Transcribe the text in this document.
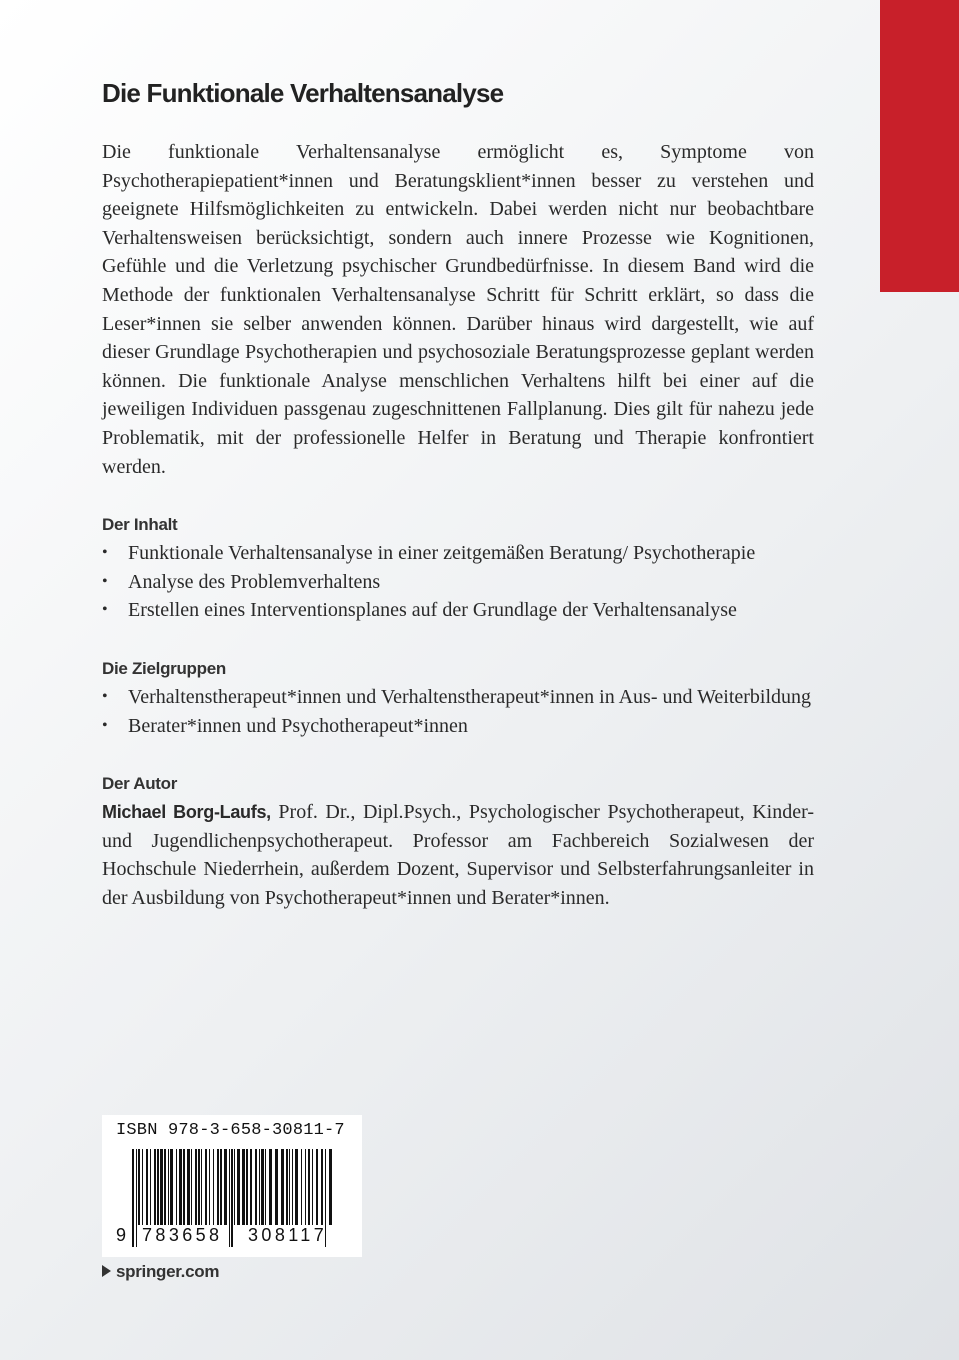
Die Funktionale Verhaltensanalyse

Die funktionale Verhaltensanalyse ermöglicht es, Symptome von Psychotherapiepatient*innen und Beratungsklient*innen besser zu verstehen und geeignete Hilfsmöglichkeiten zu entwickeln. Dabei werden nicht nur beobachtbare Verhaltensweisen berücksichtigt, sondern auch innere Prozesse wie Kognitionen, Gefühle und die Verletzung psychischer Grundbedürfnisse. In diesem Band wird die Methode der funktionalen Verhaltensanalyse Schritt für Schritt erklärt, so dass die Leser*innen sie selber anwenden können. Darüber hinaus wird dargestellt, wie auf dieser Grundlage Psychotherapien und psychosoziale Beratungsprozesse geplant werden können. Die funktionale Analyse menschlichen Verhaltens hilft bei einer auf die jeweiligen Individuen passgenau zugeschnittenen Fallplanung. Dies gilt für nahezu jede Problematik, mit der professionelle Helfer in Beratung und Therapie konfrontiert werden.

Der Inhalt
• Funktionale Verhaltensanalyse in einer zeitgemäßen Beratung/ Psychotherapie
• Analyse des Problemverhaltens
• Erstellen eines Interventionsplanes auf der Grundlage der Verhaltensanalyse
Die Zielgruppen
• Verhaltenstherapeut*innen und Verhaltenstherapeut*innen in Aus- und Weiterbildung
• Berater*innen und Psychotherapeut*innen
Der Autor

Michael Borg-Laufs, Prof. Dr., Dipl.Psych., Psychologischer Psychotherapeut, Kinder- und Jugendlichenpsychotherapeut. Professor am Fachbereich Sozialwesen der Hochschule Niederrhein, außerdem Dozent, Supervisor und Selbsterfahrungsanleiter in der Ausbildung von Psychotherapeut*innen und Berater*innen.

ISBN 978-3-658-30811-7
9 783658 308117
springer.com
